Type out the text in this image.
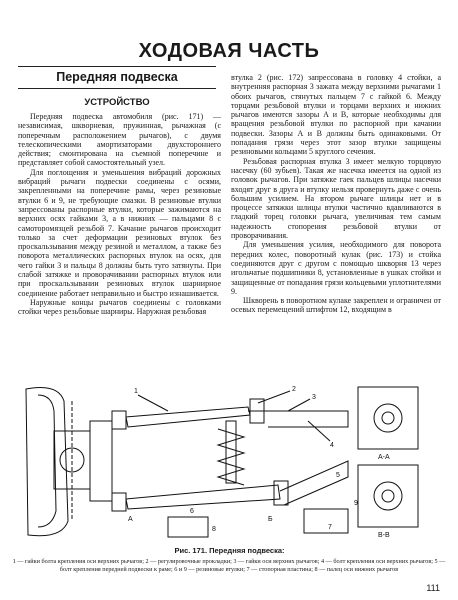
ХОДОВАЯ ЧАСТЬ
Передняя подвеска
УСТРОЙСТВО

Передняя подвеска автомобиля (рис. 171) — независимая, шкворневая, пружинная, рычажная (с поперечным расположением рычагов), с двумя телескопическими амортизаторами двухстороннего действия; смонтирована на съемной поперечине и представляет собой самостоятельный узел.

Для поглощения и уменьшения вибраций дорожных вибраций рычаги подвески соединены с осями, закрепленными на поперечине рамы, через резиновые втулки 6 и 9, не требующие смазки. В резиновые втулки запрессованы распорные втулки, которые зажимаются на верхних осях гайками 3, а в нижних — пальцами 8 с самоторомязцей резьбой 7. Качание рычагов происходит только за счет деформации резиновых втулок без проскальзывания между резиной и металлом, а также без поворота металлических распорных втулок на осях, для чего гайки 3 и пальцы 8 должны быть туго затянуты. При слабой затяжке и проворачивании распорных втулок или при проскальзывании резиновых втулок шарнирное соединение работает неправильно и быстро изнашивается.

Наружные концы рычагов соединены с головками стойки через резьбовые шарниры. Наружная резьбовая

втулка 2 (рис. 172) запрессована в головку 4 стойки, а внутренняя распорная 3 зажата между верхними рычагами 1 обоих рычагов, стянутых пальцем 7 с гайкой 6. Между торцами резьбовой втулки и торцами верхних и нижних рычагов имеются зазоры А и В, которые необходимы для вращения резьбовой втулки по распорной при качании подвески. Зазоры А и В должны быть одинаковыми. От попадания грязи через этот зазор втулки защищены резиновыми кольцами 5 круглого сечения.

Резьбовая распорная втулка 3 имеет мелкую торцовую насечку (60 зубьев). Такая же насечка имеется на одной из головок рычагов. При затяжке гаек пальцев шлицы насечки входят друг в друга и втулку нельзя провернуть даже с очень большим усилием. На втором рычаге шлицы нет и в процессе затяжки шлицы втулки частично вдавливаются в гладкий торец головки рычага, увеличивая тем самым надежность стопорения резьбовой втулки от проворачивания.

Для уменьшения усилия, необходимого для поворота передних колес, поворотный кулак (рис. 173) и стойка соединяются друг с другом с помощью шкворня 13 через игольчатые подшипники 8, установленные в ушках стойки и защищенные от попадания грязи кольцевыми уплотнителями 9.

Шкворень в поворотном кулаке закреплен и ограничен от осевых перемещений штифтом 12, входящим в

1	2
3
4
5
6
7
8
9
А-А
В-В
А	Б
Рис. 171. Передняя подвеска:
1 — гайки болта крепления оси верхних рычагов; 2 — регулировочные прокладки; 3 — гайки оси верхних рычагов; 4 — болт крепления оси верхних рычагов; 5 — болт крепления передней подвески к раме; 6 и 9 — резиновые втулки; 7 — стопорная пластина; 8 — палец оси нижних рычагов
111
